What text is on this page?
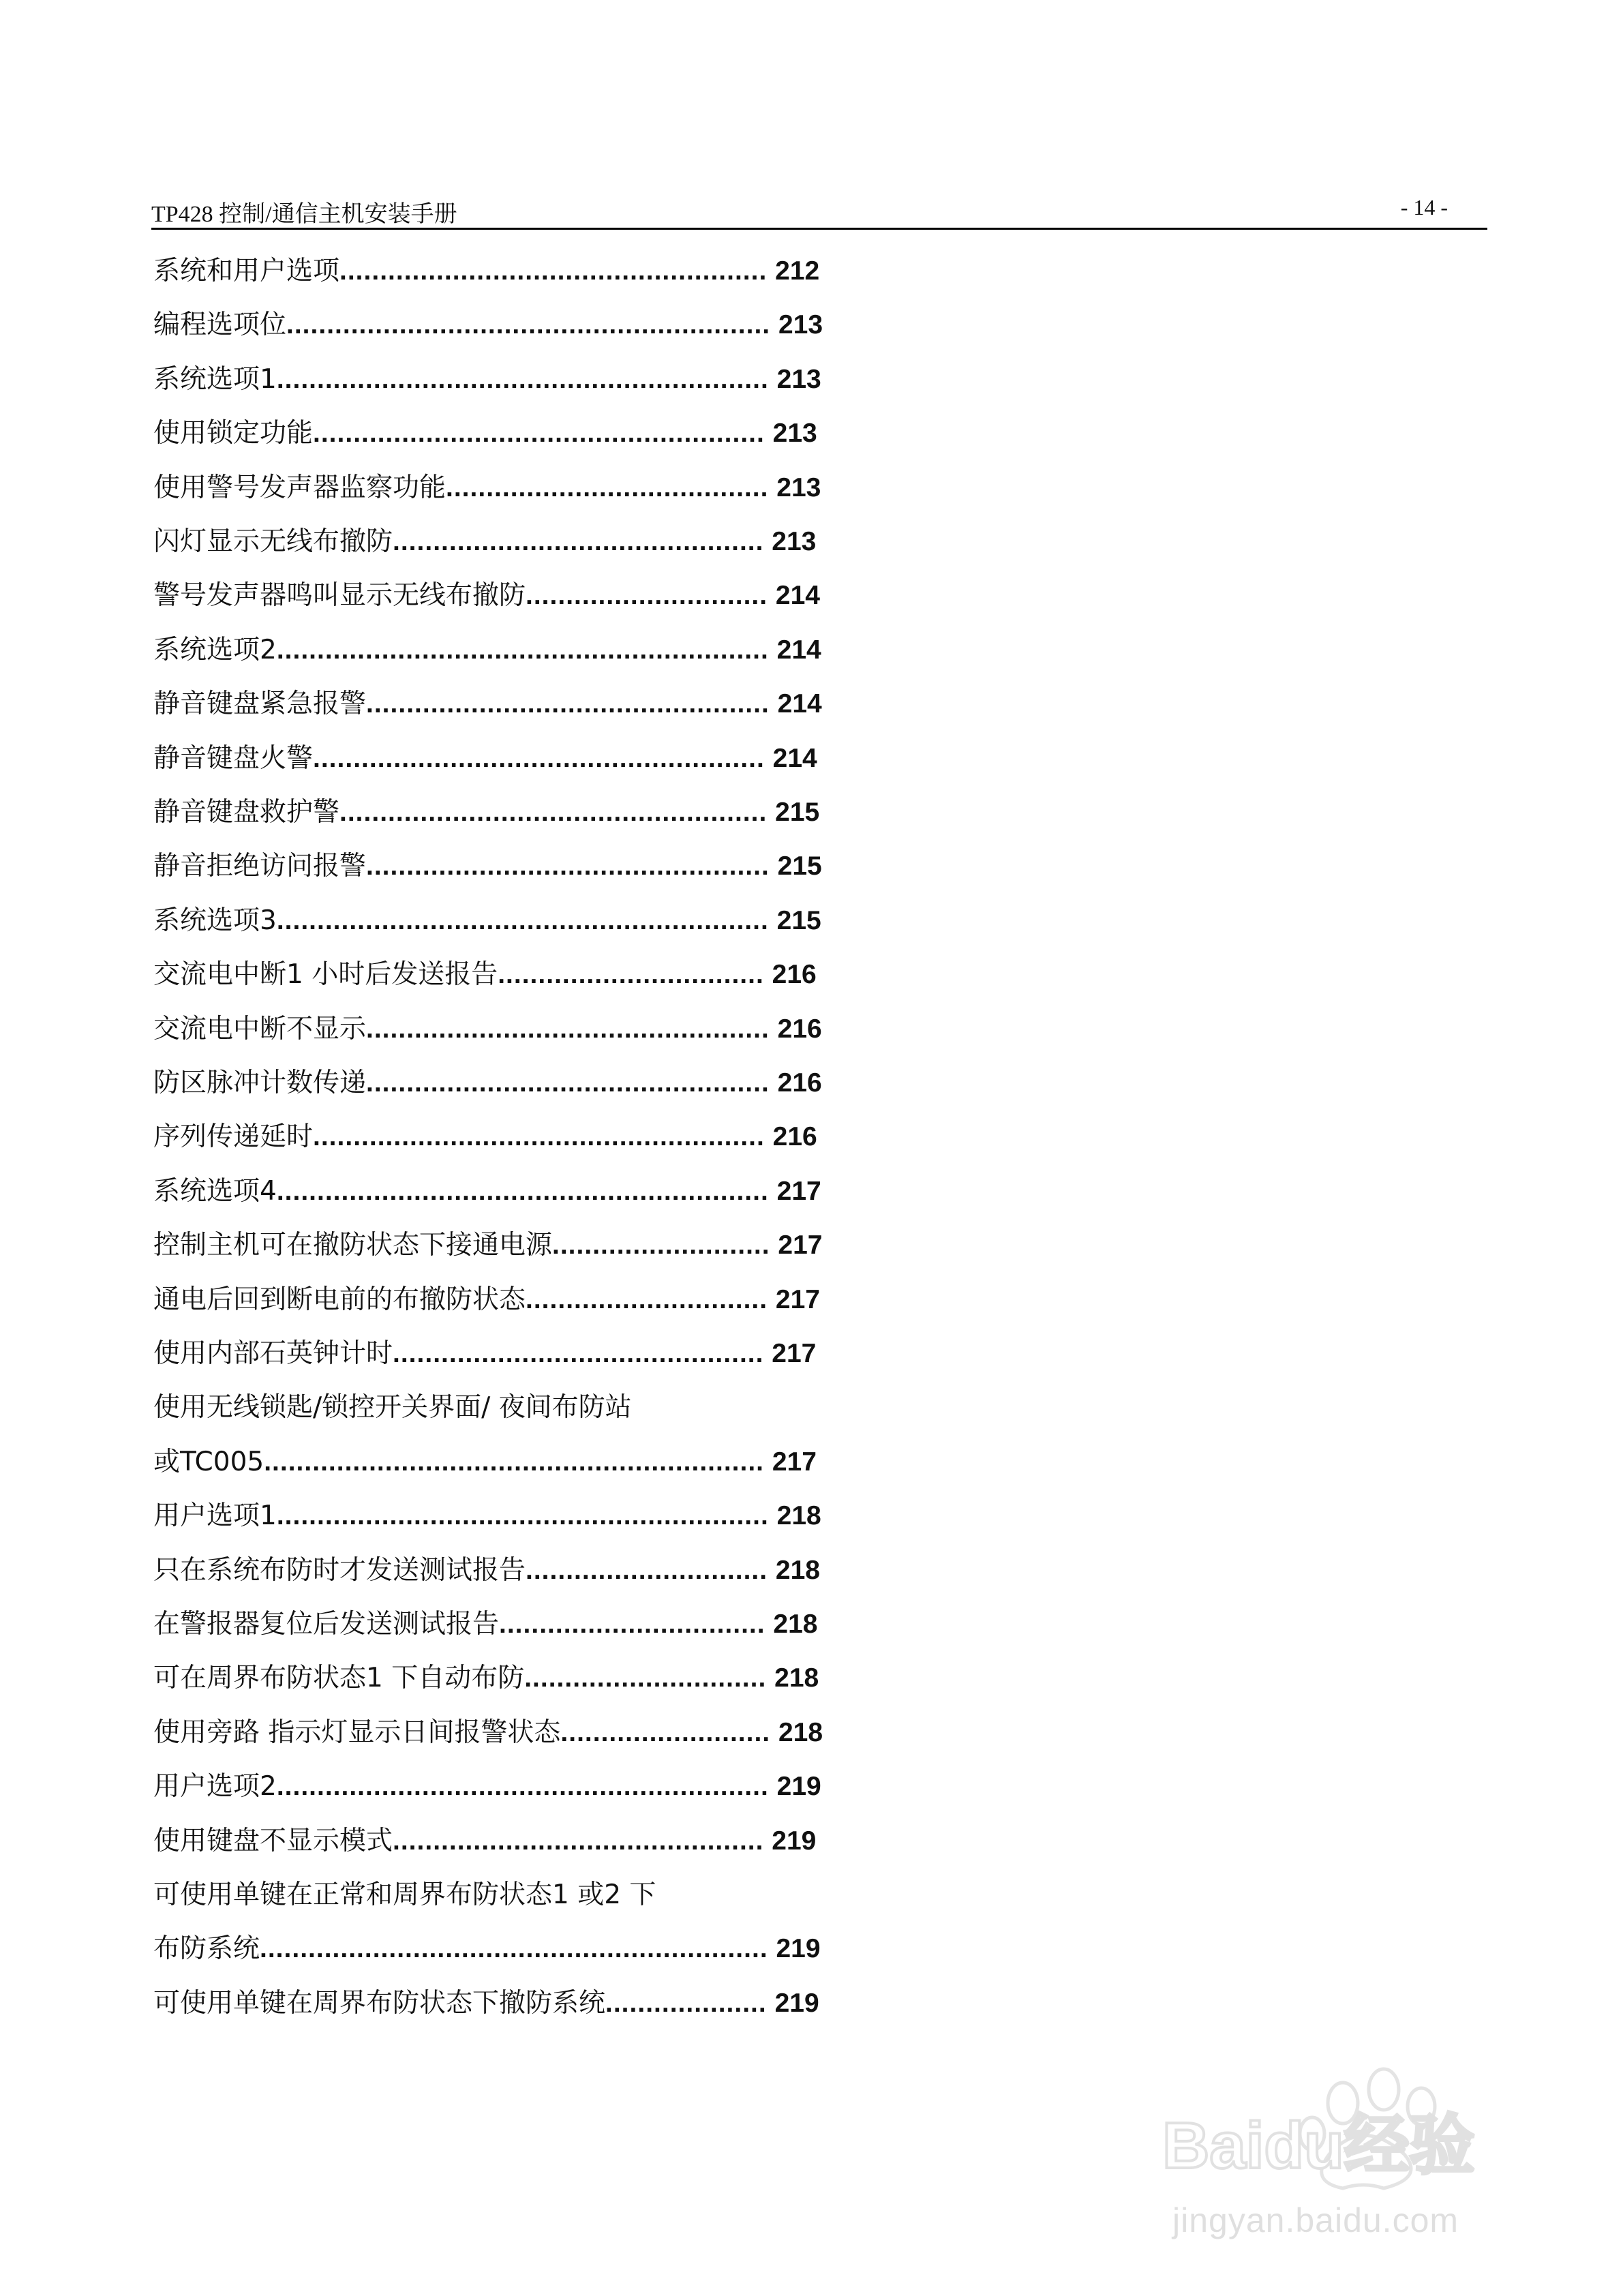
TP428 控制/通信主机安装手册	- 14 -
系统和用户选项..................................................... 212
编程选项位............................................................ 213
系统选项1............................................................. 213
使用锁定功能........................................................ 213
使用警号发声器监察功能........................................ 213
闪灯显示无线布撤防.............................................. 213
警号发声器鸣叫显示无线布撤防.............................. 214
系统选项2............................................................. 214
静音键盘紧急报警.................................................. 214
静音键盘火警........................................................ 214
静音键盘救护警..................................................... 215
静音拒绝访问报警.................................................. 215
系统选项3............................................................. 215
交流电中断1 小时后发送报告................................. 216
交流电中断不显示.................................................. 216
防区脉冲计数传递.................................................. 216
序列传递延时........................................................ 216
系统选项4............................................................. 217
控制主机可在撤防状态下接通电源........................... 217
通电后回到断电前的布撤防状态.............................. 217
使用内部石英钟计时.............................................. 217
使用无线锁匙/锁控开关界面/ 夜间布防站
或TC005.............................................................. 217
用户选项1............................................................. 218
只在系统布防时才发送测试报告.............................. 218
在警报器复位后发送测试报告................................. 218
可在周界布防状态1 下自动布防.............................. 218
使用旁路 指示灯显示日间报警状态.......................... 218
用户选项2............................................................. 219
使用键盘不显示模式.............................................. 219
可使用单键在正常和周界布防状态1 或2 下
布防系统............................................................... 219
可使用单键在周界布防状态下撤防系统.................... 219
Baidu经验
jingyan.baidu.com
